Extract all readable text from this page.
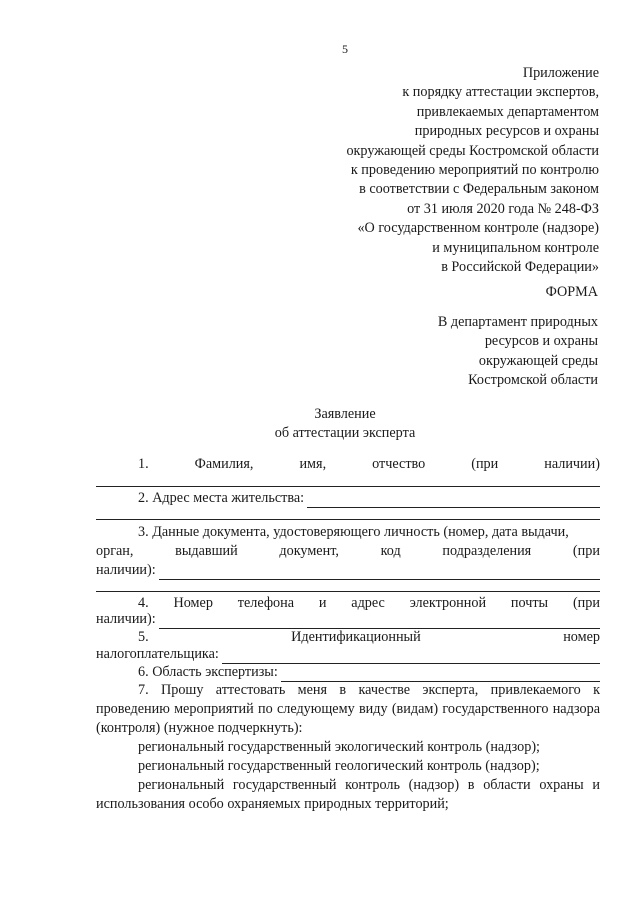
5
Приложение
к порядку аттестации экспертов,
привлекаемых департаментом
природных ресурсов и охраны
окружающей среды Костромской области
к проведению мероприятий по контролю
в соответствии с Федеральным законом
от 31 июля 2020 года № 248-ФЗ
«О государственном контроле (надзоре)
и муниципальном контроле
в Российской Федерации»
ФОРМА
В департамент природных
ресурсов и охраны
окружающей среды
Костромской области
Заявление
об аттестации эксперта
1.	Фамилия,	имя,	отчество	(при	наличии)
2. Адрес места жительства:
3. Данные документа, удостоверяющего личность (номер, дата выдачи,
орган,	выдавший	документ,	код	подразделения	(при
наличии):
4. Номер телефона и адрес электронной почты (при
наличии):
5.	Идентификационный	номер
налогоплательщика:
6. Область экспертизы:
7. Прошу аттестовать меня в качестве эксперта, привлекаемого к проведению мероприятий по следующему виду (видам) государственного надзора (контроля) (нужное подчеркнуть):
региональный государственный экологический контроль (надзор);
региональный государственный геологический контроль (надзор);
региональный государственный контроль (надзор) в области охраны и использования особо охраняемых природных территорий;
